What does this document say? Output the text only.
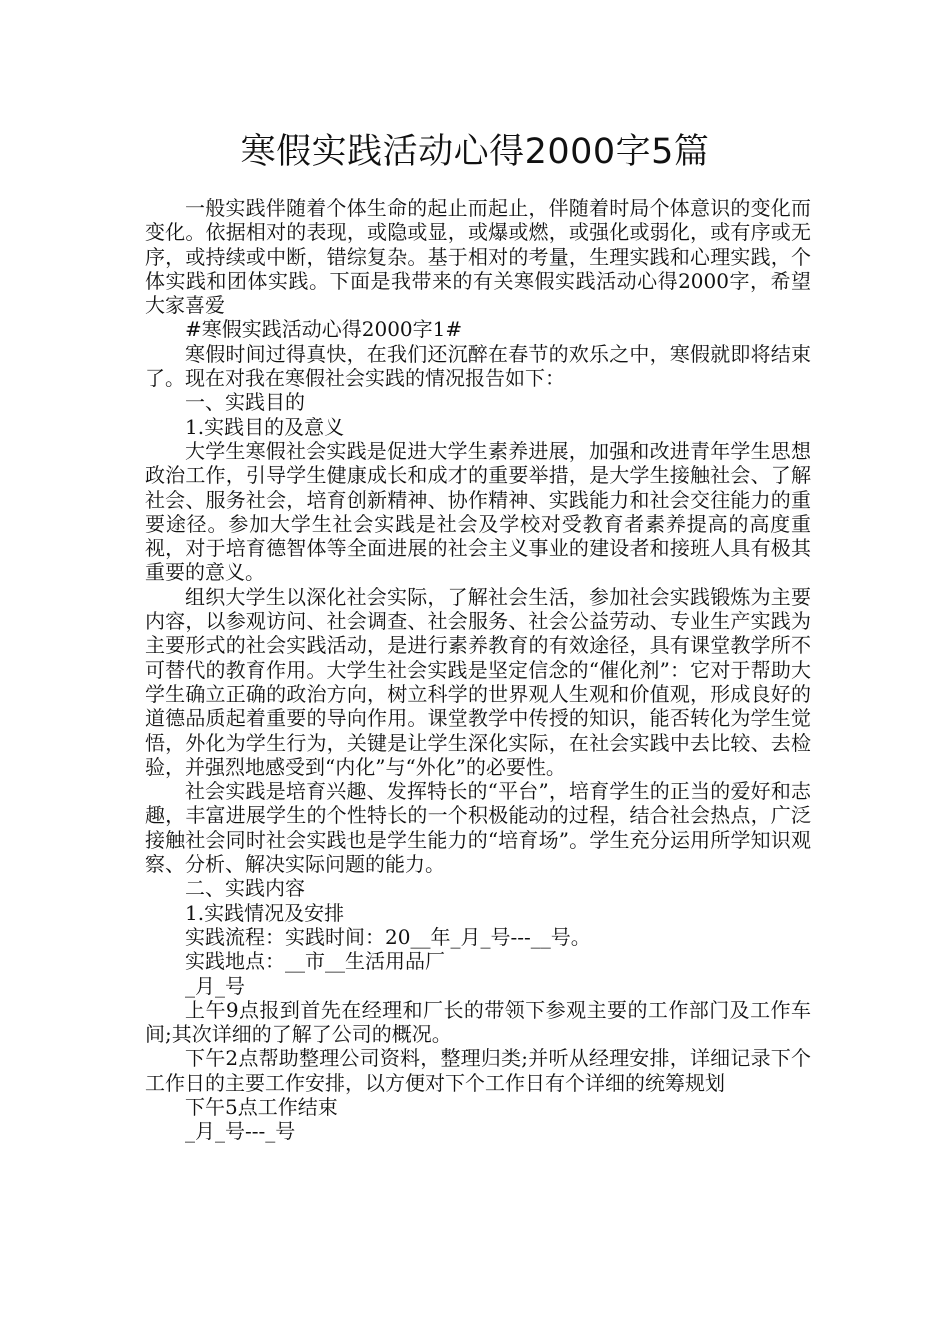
寒假实践活动心得2000字5篇

一般实践伴随着个体生命的起止而起止，伴随着时局个体意识的变化而变化。依据相对的表现，或隐或显，或爆或燃，或强化或弱化，或有序或无序，或持续或中断，错综复杂。基于相对的考量，生理实践和心理实践，个体实践和团体实践。下面是我带来的有关寒假实践活动心得2000字，希望大家喜爱

#寒假实践活动心得2000字1#

寒假时间过得真快，在我们还沉醉在春节的欢乐之中，寒假就即将结束了。现在对我在寒假社会实践的情况报告如下：

一、实践目的

1.实践目的及意义

大学生寒假社会实践是促进大学生素养进展，加强和改进青年学生思想政治工作，引导学生健康成长和成才的重要举措，是大学生接触社会、了解社会、服务社会，培育创新精神、协作精神、实践能力和社会交往能力的重要途径。参加大学生社会实践是社会及学校对受教育者素养提高的高度重视，对于培育德智体等全面进展的社会主义事业的建设者和接班人具有极其重要的意义。

组织大学生以深化社会实际，了解社会生活，参加社会实践锻炼为主要内容，以参观访问、社会调查、社会服务、社会公益劳动、专业生产实践为主要形式的社会实践活动，是进行素养教育的有效途径，具有课堂教学所不可替代的教育作用。大学生社会实践是坚定信念的“催化剂”：它对于帮助大学生确立正确的政治方向，树立科学的世界观人生观和价值观，形成良好的道德品质起着重要的导向作用。课堂教学中传授的知识，能否转化为学生觉悟，外化为学生行为，关键是让学生深化实际，在社会实践中去比较、去检验，并强烈地感受到“内化”与“外化”的必要性。

社会实践是培育兴趣、发挥特长的“平台”，培育学生的正当的爱好和志趣，丰富进展学生的个性特长的一个积极能动的过程，结合社会热点，广泛接触社会同时社会实践也是学生能力的“培育场”。学生充分运用所学知识观察、分析、解决实际问题的能力。

二、实践内容

1.实践情况及安排

实践流程：实践时间：20__年_月_号---__号。

实践地点：__市__生活用品厂

_月_号

上午9点报到首先在经理和厂长的带领下参观主要的工作部门及工作车间;其次详细的了解了公司的概况。

下午2点帮助整理公司资料，整理归类;并听从经理安排，详细记录下个工作日的主要工作安排，以方便对下个工作日有个详细的统筹规划

下午5点工作结束

_月_号---_号
